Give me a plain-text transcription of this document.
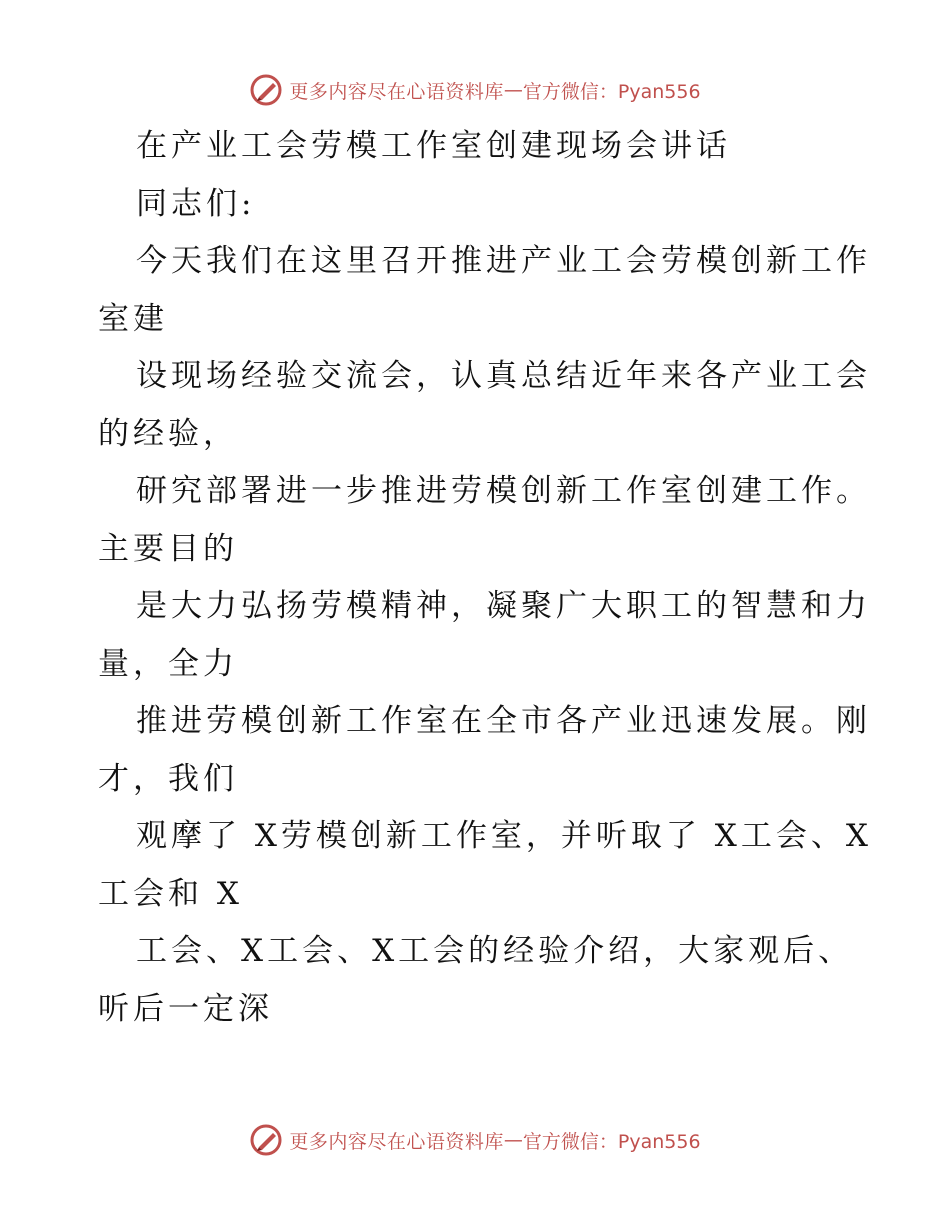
更多内容尽在心语资料库 — 官方微信：Pyan556
在产业工会劳模工作室创建现场会讲话
同志们:
今天我们在这里召开推进产业工会劳模创新工作
室建
设现场经验交流会，认真总结近年来各产业工会
的经验，
研究部署进一步推进劳模创新工作室创建工作。
主要目的
是大力弘扬劳模精神，凝聚广大职工的智慧和力
量，全力
推进劳模创新工作室在全市各产业迅速发展。刚
才，我们
观摩了 X劳模创新工作室，并听取了 X工会、X
工会和 X
工会、X工会、X工会的经验介绍，大家观后、
听后一定深
更多内容尽在心语资料库 — 官方微信：Pyan556
